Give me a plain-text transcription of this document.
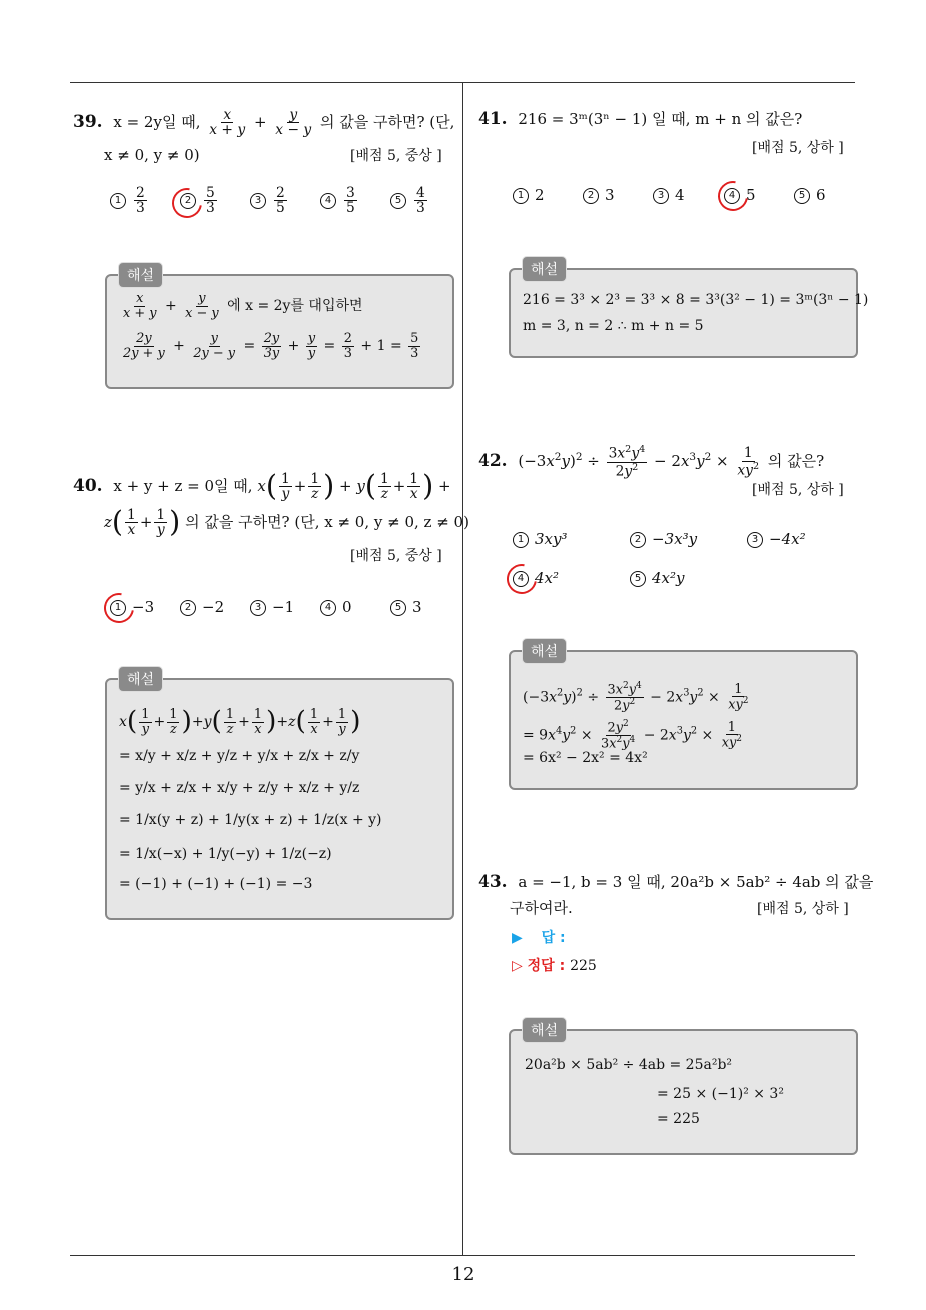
12
39. x = 2y일 때, $\frac{x}{x + y} + \frac{y}{x - y}$ 의 값을 구하면? (단,
x ≠ 0, y ≠ 0)	[배점 5, 중상 ]
$1 \frac{2}{3}$	$2 \frac{5}{3}$	$3 \frac{2}{5}$	$4 \frac{3}{5}$	$5 \frac{4}{3}$
$\frac{x}{x + y} + \frac{y}{x - y}$ 에 x = 2y를 대입하면
$\frac{2y}{2y + y} + \frac{y}{2y - y} = \frac{2y}{3y} + \frac{y}{y} = \frac{2}{3} + 1 = \frac{5}{3}$
해설
40. x + y + z = 0일 때, $x( \frac{1}{y} + \frac{1}{z}$ ) + $y( \frac{1}{z} + \frac{1}{x}$ ) +
$z( \frac{1}{x} + \frac{1}{y}$ ) 의 값을 구하면? (단, x ≠ 0, y ≠ 0, z ≠ 0)
[배점 5, 중상 ]
1 −3	2 −2	3 −1	4 0	5 3
$x( \frac{1}{y} + \frac{1}{z} )+y( \frac{1}{z} + \frac{1}{x} )+z( \frac{1}{x} + \frac{1}{y}$ )
= x/y + x/z + y/z + y/x + z/x + z/y
= y/x + z/x + x/y + z/y + x/z + y/z
= 1/x(y + z) + 1/y(x + z) + 1/z(x + y)
= 1/x(−x) + 1/y(−y) + 1/z(−z)
= (−1) + (−1) + (−1) = −3
해설
41. 216 = 3ᵐ(3ⁿ − 1) 일 때, m + n 의 값은?
[배점 5, 상하 ]
1 2	2 3	3 4	4 5	5 6
216 = 3³ × 2³ = 3³ × 8 = 3³(3² − 1) = 3ᵐ(3ⁿ − 1)
m = 3, n = 2 ∴ m + n = 5
해설
42. $(-3x^2y)^2 \div \frac{3x^2y^4}{2y^2} - 2x^3y^2 \times \frac{1}{xy^2}$ 의 값은?
[배점 5, 상하 ]
1 3xy³	2 −3x³y	3 −4x²
4 4x²	5 4x²y
$(-3x^2y)^2 \div \frac{3x^2y^4}{2y^2} - 2x^3y^2 \times \frac{1}{xy^2}$
= $9x^4y^2 \times \frac{2y^2}{3x^2y^4} - 2x^3y^2 \times \frac{1}{xy^2}$
= 6x² − 2x² = 4x²
해설
43. a = −1, b = 3 일 때, 20a²b × 5ab² ÷ 4ab 의 값을
구하여라.	[배점 5, 상하 ]
▶ 답 :
▷ 정답 : 225
20a²b × 5ab² ÷ 4ab = 25a²b²
= 25 × (−1)² × 3²
= 225
해설
